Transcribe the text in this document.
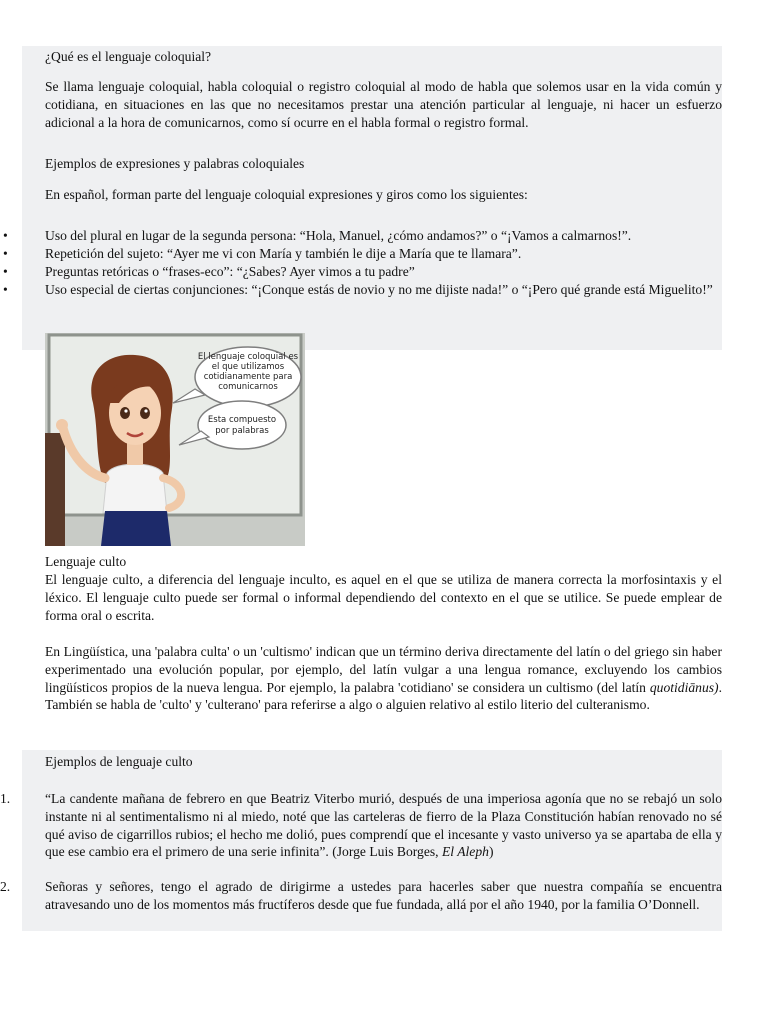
¿Qué es el lenguaje coloquial?

Se llama lenguaje coloquial, habla coloquial o registro coloquial al modo de habla que solemos usar en la vida común y cotidiana, en situaciones en las que no necesitamos prestar una atención particular al lenguaje, ni hacer un esfuerzo adicional a la hora de comunicarnos, como sí ocurre en el habla formal o registro formal.

Ejemplos de expresiones y palabras coloquiales
En español, forman parte del lenguaje coloquial expresiones y giros como los siguientes:
•	Uso del plural en lugar de la segunda persona: “Hola, Manuel, ¿cómo andamos?” o “¡Vamos a calmarnos!”.
•	Repetición del sujeto: “Ayer me vi con María y también le dije a María que te llamara”.
•	Preguntas retóricas o “frases-eco”: “¿Sabes? Ayer vimos a tu padre”
•	Uso especial de ciertas conjunciones: “¡Conque estás de novio y no me dijiste nada!” o “¡Pero qué grande está Miguelito!”
El lenguaje coloquial es
el que utilizamos
cotidianamente para
comunicarnos
Esta compuesto
por palabras
Lenguaje culto

El lenguaje culto, a diferencia del lenguaje inculto, es aquel en el que se utiliza de manera correcta la morfosintaxis y el léxico. El lenguaje culto puede ser formal o informal dependiendo del contexto en el que se utilice. Se puede emplear de forma oral o escrita.

En Lingüística, una 'palabra culta' o un 'cultismo' indican que un término deriva directamente del latín o del griego sin haber experimentado una evolución popular, por ejemplo, del latín vulgar a una lengua romance, excluyendo los cambios lingüísticos propios de la nueva lengua. Por ejemplo, la palabra 'cotidiano' se considera un cultismo (del latín quotidiānus). También se habla de 'culto' y 'culterano' para referirse a algo o alguien relativo al estilo literio del culteranismo.

Ejemplos de lenguaje culto
1.	“La candente mañana de febrero en que Beatriz Viterbo murió, después de una imperiosa agonía que no se rebajó un solo instante ni al sentimentalismo ni al miedo, noté que las carteleras de fierro de la Plaza Constitución habían renovado no sé qué aviso de cigarrillos rubios; el hecho me dolió, pues comprendí que el incesante y vasto universo ya se apartaba de ella y que ese cambio era el primero de una serie infinita”. (Jorge Luis Borges, El Aleph)
2.	Señoras y señores, tengo el agrado de dirigirme a ustedes para hacerles saber que nuestra compañía se encuentra atravesando uno de los momentos más fructíferos desde que fue fundada, allá por el año 1940, por la familia O’Donnell.
